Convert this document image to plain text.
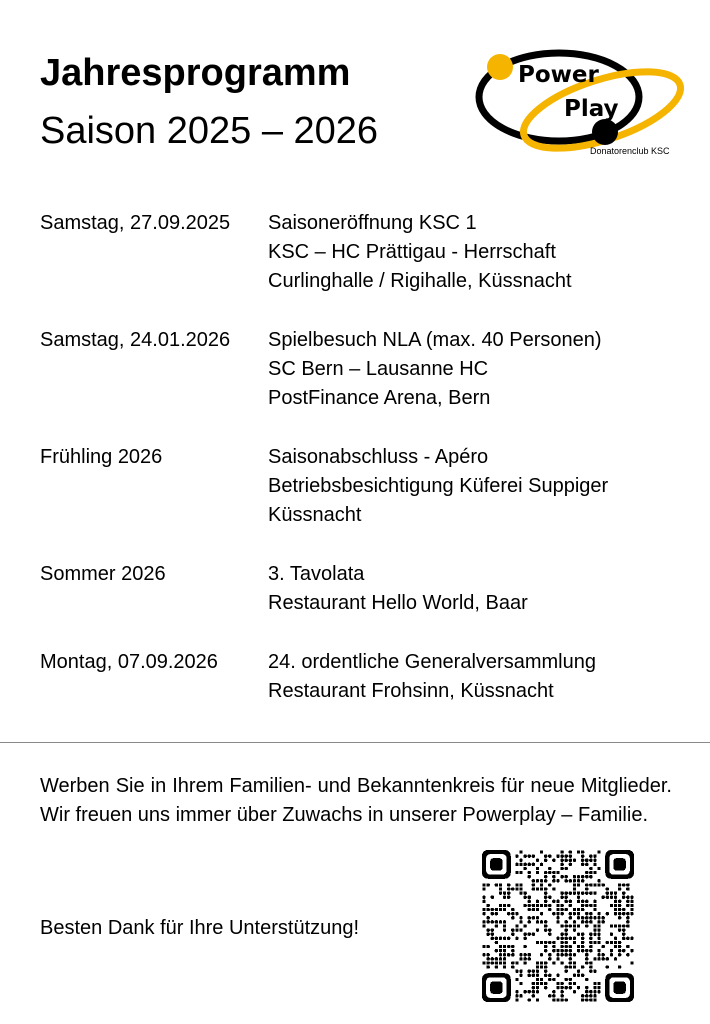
Jahresprogramm
Saison 2025 – 2026
Power
Play
Donatorenclub KSC
Samstag, 27.09.2025	Saisoneröffnung KSC 1
KSC – HC Prättigau - Herrschaft
Curlinghalle / Rigihalle, Küssnacht
Samstag, 24.01.2026	Spielbesuch NLA (max. 40 Personen)
SC Bern – Lausanne HC
PostFinance Arena, Bern
Frühling 2026	Saisonabschluss - Apéro
Betriebsbesichtigung Küferei Suppiger
Küssnacht
Sommer 2026	3. Tavolata
Restaurant Hello World, Baar
Montag, 07.09.2026	24. ordentliche Generalversammlung
Restaurant Frohsinn, Küssnacht
Werben Sie in Ihrem Familien- und Bekanntenkreis für neue Mitglieder. Wir freuen uns immer über Zuwachs in unserer Powerplay – Familie.
Besten Dank für Ihre Unterstützung!
